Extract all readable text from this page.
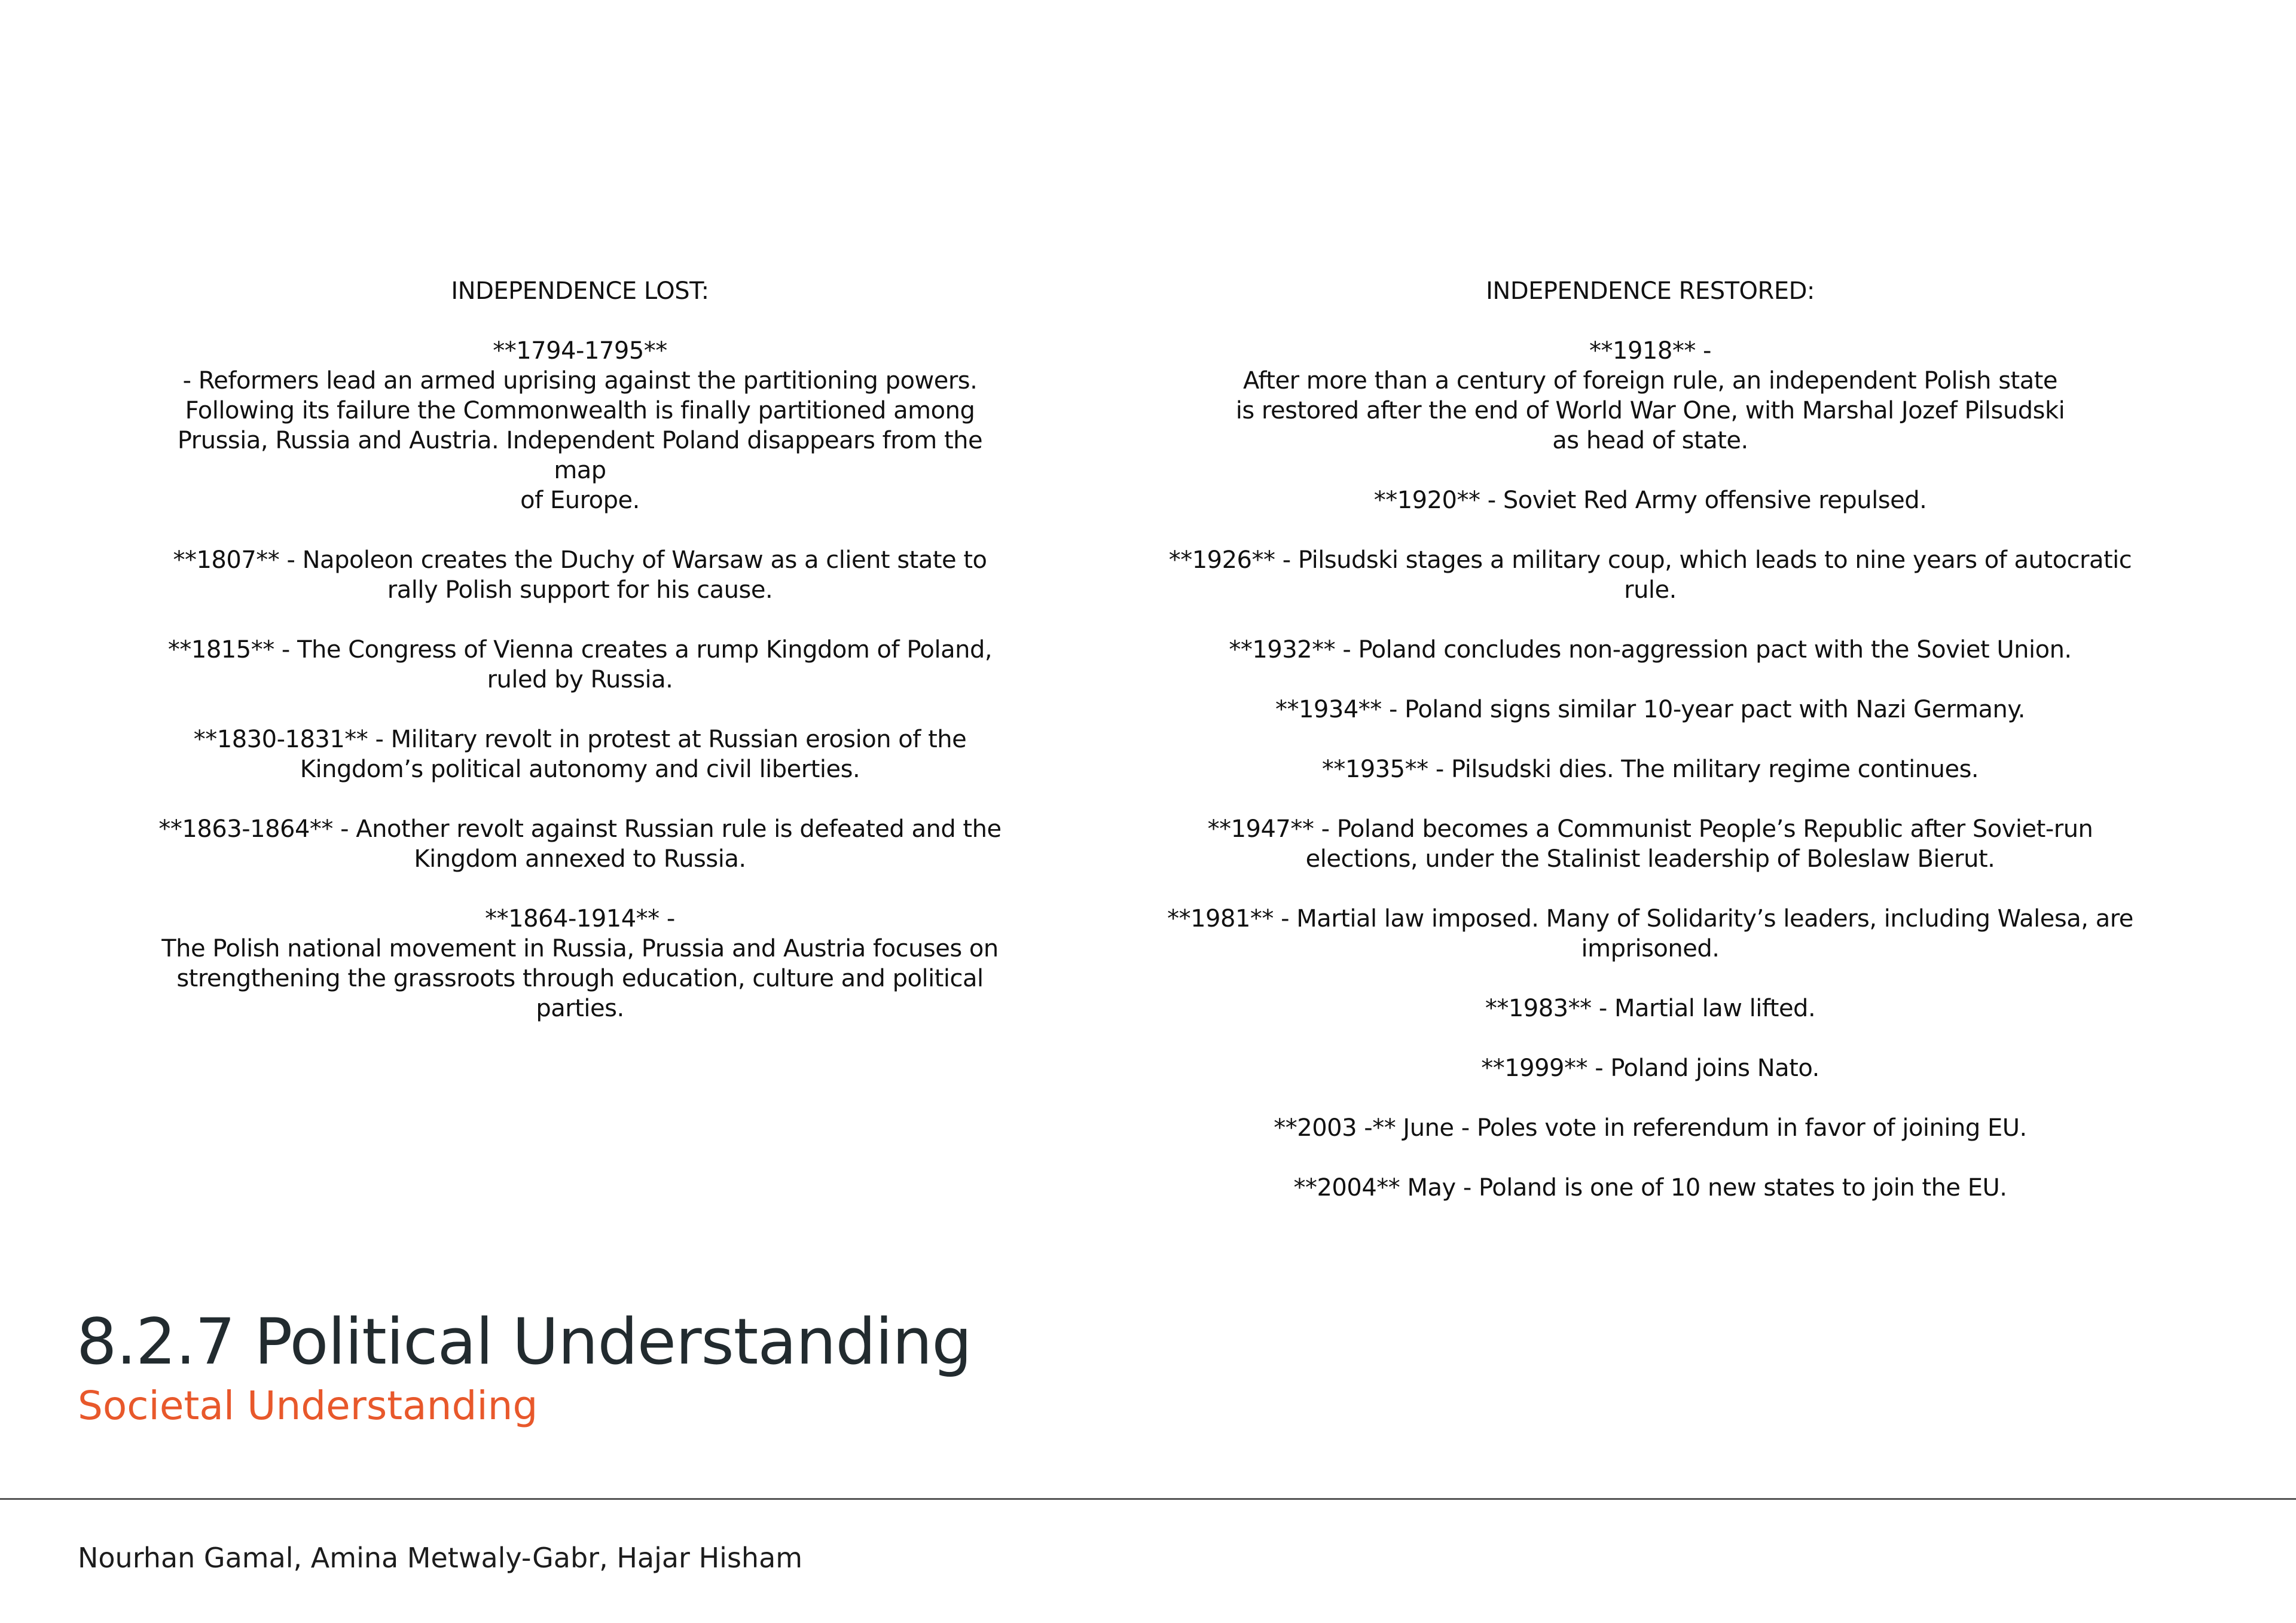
INDEPENDENCE LOST:

**1794-1795**
- Reformers lead an armed uprising against the partitioning powers.
Following its failure the Commonwealth is finally partitioned among
Prussia, Russia and Austria. Independent Poland disappears from the
map
of Europe.

**1807** - Napoleon creates the Duchy of Warsaw as a client state to
rally Polish support for his cause.

**1815** - The Congress of Vienna creates a rump Kingdom of Poland,
ruled by Russia.

**1830-1831** - Military revolt in protest at Russian erosion of the
Kingdom’s political autonomy and civil liberties.

**1863-1864** - Another revolt against Russian rule is defeated and the
Kingdom annexed to Russia.

**1864-1914** -
The Polish national movement in Russia, Prussia and Austria focuses on
strengthening the grassroots through education, culture and political
parties.

INDEPENDENCE RESTORED:

**1918** -
After more than a century of foreign rule, an independent Polish state
is restored after the end of World War One, with Marshal Jozef Pilsudski
as head of state.

**1920** - Soviet Red Army offensive repulsed.

**1926** - Pilsudski stages a military coup, which leads to nine years of autocratic
rule.

**1932** - Poland concludes non-aggression pact with the Soviet Union.

**1934** - Poland signs similar 10-year pact with Nazi Germany.

**1935** - Pilsudski dies. The military regime continues.

**1947** - Poland becomes a Communist People’s Republic after Soviet-run
elections, under the Stalinist leadership of Boleslaw Bierut.

**1981** - Martial law imposed. Many of Solidarity’s leaders, including Walesa, are
imprisoned.

**1983** - Martial law lifted.

**1999** - Poland joins Nato.

**2003 -** June - Poles vote in referendum in favor of joining EU.

**2004** May - Poland is one of 10 new states to join the EU.

8.2.7 Political Understanding
Societal Understanding
Nourhan Gamal, Amina Metwaly-Gabr, Hajar Hisham
